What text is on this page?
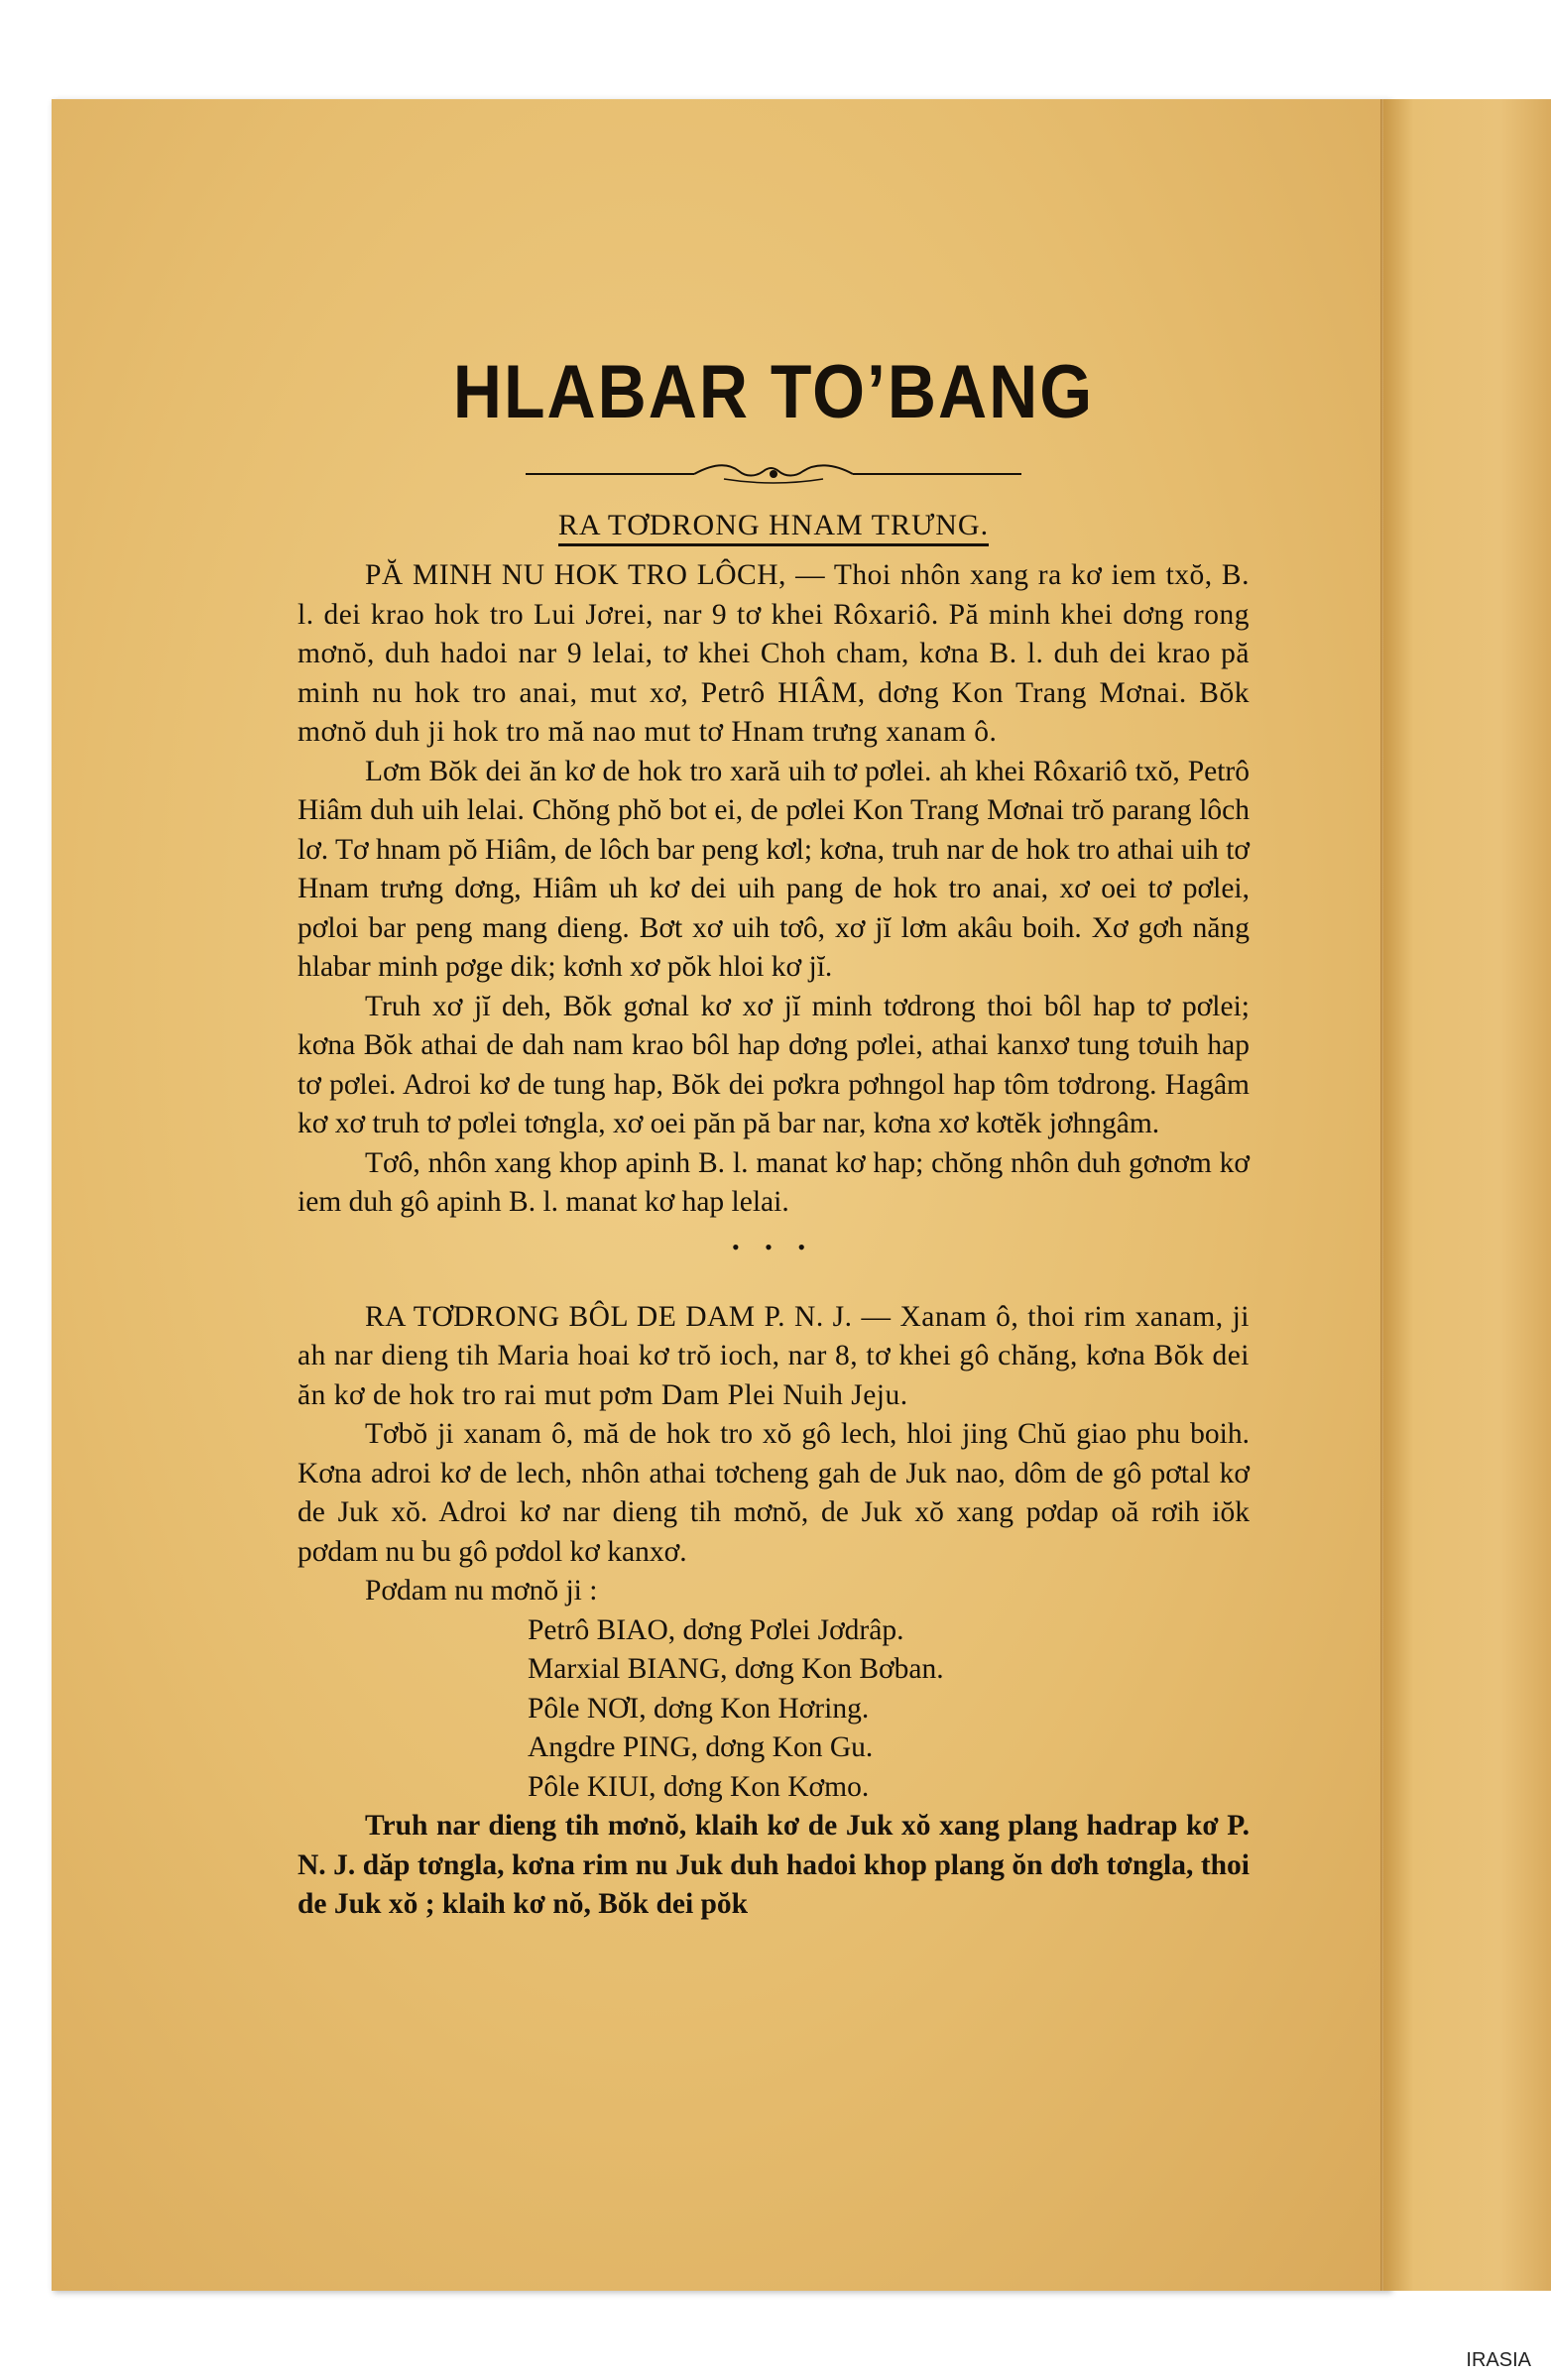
HLABAR TO’BANG
RA TƠDRONG HNAM TRƯNG.

PĂ MINH NU HOK TRO LÔCH, — Thoi nhôn xang ra kơ iem txŏ, B. l. dei krao hok tro Lui Jơrei, nar 9 tơ khei Rôxariô. Pă minh khei dơng rong mơnŏ, duh hadoi nar 9 lelai, tơ khei Choh cham, kơna B. l. duh dei krao pă minh nu hok tro anai, mut xơ, Petrô HIÂM, dơng Kon Trang Mơnai. Bŏk mơnŏ duh ji hok tro mă nao mut tơ Hnam trưng xanam ô.

Lơm Bŏk dei ăn kơ de hok tro xară uih tơ pơlei. ah khei Rôxariô txŏ, Petrô Hiâm duh uih lelai. Chŏng phŏ bot ei, de pơlei Kon Trang Mơnai trŏ parang lôch lơ. Tơ hnam pŏ Hiâm, de lôch bar peng kơl; kơna, truh nar de hok tro athai uih tơ Hnam trưng dơng, Hiâm uh kơ dei uih pang de hok tro anai, xơ oei tơ pơlei, pơloi bar peng mang dieng. Bơt xơ uih tơô, xơ jĭ lơm akâu boih. Xơ gơh năng hlabar minh pơge dik; kơnh xơ pŏk hloi kơ jĭ.

Truh xơ jĭ deh, Bŏk gơnal kơ xơ jĭ minh tơdrong thoi bôl hap tơ pơlei; kơna Bŏk athai de dah nam krao bôl hap dơng pơlei, athai kanxơ tung tơuih hap tơ pơlei. Adroi kơ de tung hap, Bŏk dei pơkra pơhngol hap tôm tơdrong. Hagâm kơ xơ truh tơ pơlei tơngla, xơ oei păn pă bar nar, kơna xơ kơtĕk jơhngâm.

Tơô, nhôn xang khop apinh B. l. manat kơ hap; chŏng nhôn duh gơnơm kơ iem duh gô apinh B. l. manat kơ hap lelai.

• • •

RA TƠDRONG BÔL DE DAM P. N. J. — Xanam ô, thoi rim xanam, ji ah nar dieng tih Maria hoai kơ trŏ ioch, nar 8, tơ khei gô chăng, kơna Bŏk dei ăn kơ de hok tro rai mut pơm Dam Plei Nuih Jeju.

Tơbŏ ji xanam ô, mă de hok tro xŏ gô lech, hloi jing Chŭ giao phu boih. Kơna adroi kơ de lech, nhôn athai tơcheng gah de Juk nao, dôm de gô pơtal kơ de Juk xŏ. Adroi kơ nar dieng tih mơnŏ, de Juk xŏ xang pơdap oă rơih iŏk pơdam nu bu gô pơdol kơ kanxơ.

Pơdam nu mơnŏ ji :

Petrô BIAO, dơng Pơlei Jơdrâp.
Marxial BIANG, dơng Kon Bơban.
Pôle NƠI, dơng Kon Hơring.
Angdre PING, dơng Kon Gu.
Pôle KIUI, dơng Kon Kơmo.

Truh nar dieng tih mơnŏ, klaih kơ de Juk xŏ xang plang hadrap kơ P. N. J. dăp tơngla, kơna rim nu Juk duh hadoi khop plang ŏn dơh tơngla, thoi de Juk xŏ ; klaih kơ nŏ, Bŏk dei pŏk

IRASIA
